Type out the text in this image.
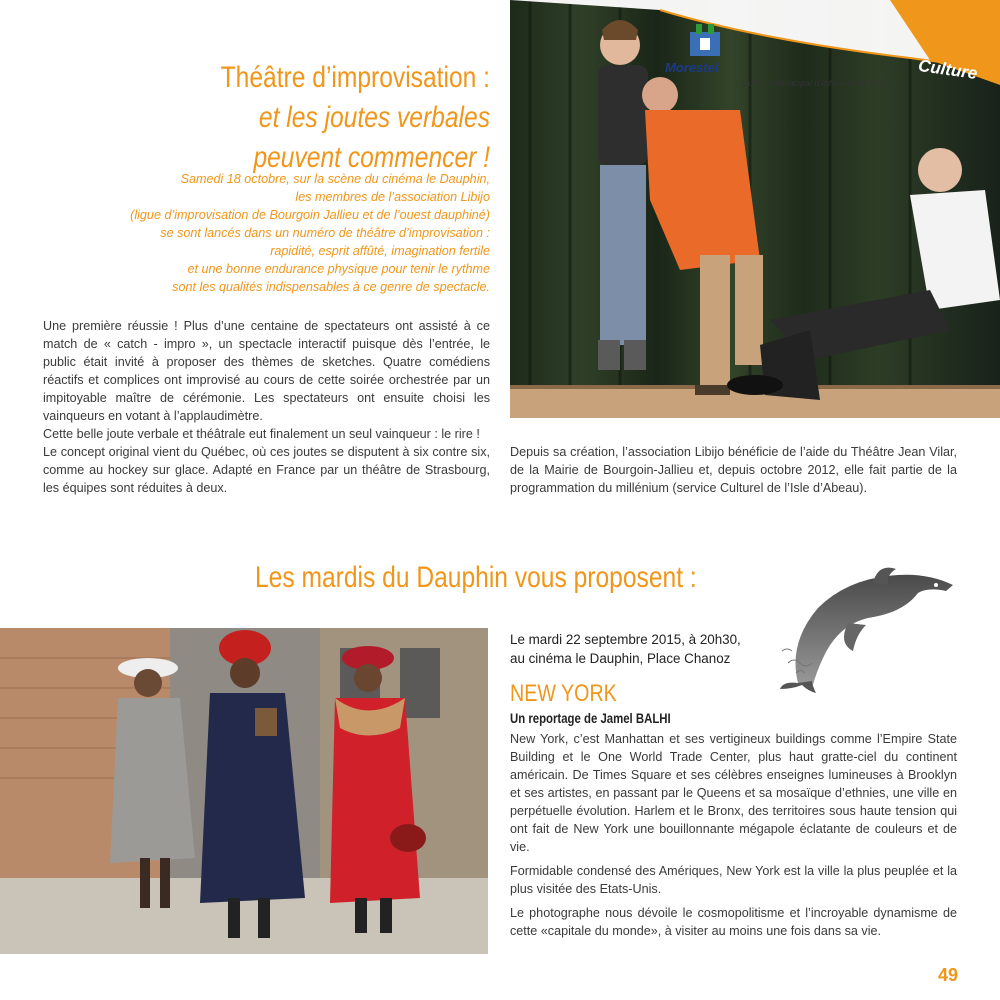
Morestel
Bulletin Municipal d'Information 2015 Culture
Théâtre d’improvisation :
et les joutes verbales peuvent commencer !
Samedi 18 octobre, sur la scène du cinéma le Dauphin,
les membres de l’association Libijo
(ligue d’improvisation de Bourgoin Jallieu et de l’ouest dauphiné)
se sont lancés dans un numéro de théâtre d’improvisation :
rapidité, esprit affûté, imagination fertile
et une bonne endurance physique pour tenir le rythme
sont les qualités indispensables à ce genre de spectacle.

Une première réussie ! Plus d’une centaine de spectateurs ont assisté à ce match de « catch - impro », un spectacle interactif puisque dès l’entrée, le public était invité à proposer des thèmes de sketches. Quatre comédiens réactifs et complices ont improvisé au cours de cette soirée orchestrée par un impitoyable maître de cérémonie. Les spectateurs ont ensuite choisi les vainqueurs en votant à l’applaudimètre.

Cette belle joute verbale et théâtrale eut finalement un seul vainqueur : le rire !

Le concept original vient du Québec, où ces joutes se disputent à six contre six, comme au hockey sur glace. Adapté en France par un théâtre de Strasbourg, les équipes sont réduites à deux.

Depuis sa création, l’association Libijo bénéficie de l’aide du Théâtre Jean Vilar, de la Mairie de Bourgoin-Jallieu et, depuis octobre 2012, elle fait partie de la programmation du millénium (service Culturel de l’Isle d’Abeau).
Les mardis du Dauphin vous proposent :
Le mardi 22 septembre 2015, à 20h30,
au cinéma le Dauphin, Place Chanoz
NEW YORK
Un reportage de Jamel BALHI

New York, c’est Manhattan et ses vertigineux buildings comme l’Empire State Building et le One World Trade Center, plus haut gratte-ciel du continent américain. De Times Square et ses célèbres enseignes lumineuses à Brooklyn et ses artistes, en passant par le Queens et sa mosaïque d’ethnies, une ville en perpétuelle évolution. Harlem et le Bronx, des territoires sous haute tension qui ont fait de New York une bouillonnante mégapole éclatante de couleurs et de vie.

Formidable condensé des Amériques, New York est la ville la plus peuplée et la plus visitée des Etats-Unis.

Le photographe nous dévoile le cosmopolitisme et l’incroyable dynamisme de cette «capitale du monde», à visiter au moins une fois dans sa vie.

49
